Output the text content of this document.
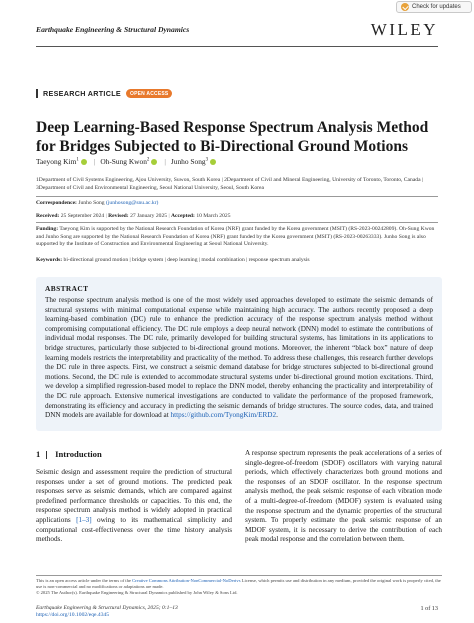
Check for updates
Earthquake Engineering & Structural Dynamics	WILEY
RESEARCH ARTICLE	OPEN ACCESS
Deep Learning-Based Response Spectrum Analysis Method for Bridges Subjected to Bi-Directional Ground Motions
Taeyong Kim$^1$ | Oh-Sung Kwon$^2$ | Junho Song$^3$
1Department of Civil Systems Engineering, Ajou University, Suwon, South Korea | 2Department of Civil and Mineral Engineering, University of Toronto, Toronto, Canada | 3Department of Civil and Environmental Engineering, Seoul National University, Seoul, South Korea
Correspondence: Junho Song (junhosong@snu.ac.kr)
Received: 25 September 2024 | Revised: 27 January 2025 | Accepted: 10 March 2025
Funding: Taeyong Kim is supported by the National Research Foundation of Korea (NRF) grant funded by the Korea government (MSIT) (RS-2023-00242809). Oh-Sung Kwon and Junho Song are supported by the National Research Foundation of Korea (NRF) grant funded by the Korea government (MSIT) (RS-2023-00263333). Junho Song is also supported by the Institute of Construction and Environmental Engineering at Seoul National University.
Keywords: bi-directional ground motion | bridge system | deep learning | modal combination | response spectrum analysis
ABSTRACT
The response spectrum analysis method is one of the most widely used approaches developed to estimate the seismic demands of structural systems with minimal computational expense while maintaining high accuracy. The authors recently proposed a deep learning-based combination (DC) rule to enhance the prediction accuracy of the response spectrum analysis method without compromising computational efficiency. The DC rule employs a deep neural network (DNN) model to estimate the contributions of individual modal responses. The DC rule, primarily developed for building structural systems, has limitations in its applications to bridge structures, particularly those subjected to bi-directional ground motions. Moreover, the inherent “black box” nature of deep learning models restricts the interpretability and practicality of the method. To address these challenges, this research further develops the DC rule in three aspects. First, we construct a seismic demand database for bridge structures subjected to bi-directional ground motions. Second, the DC rule is extended to accommodate structural systems under bi-directional ground motion excitations. Third, we develop a simplified regression-based model to replace the DNN model, thereby enhancing the practicality and interpretability of the DC rule approach. Extensive numerical investigations are conducted to validate the performance of the proposed framework, demonstrating its efficiency and accuracy in predicting the seismic demands of bridge structures. The source codes, data, and trained DNN models are available for download at https://github.com/TyongKim/ERD2.
1 Introduction
Seismic design and assessment require the prediction of structural responses under a set of ground motions. The predicted peak responses serve as seismic demands, which are compared against predefined performance thresholds or capacities. To this end, the response spectrum analysis method is widely adopted in practical applications [1–3] owing to its mathematical simplicity and computational cost-effectiveness over the time history analysis methods.
A response spectrum represents the peak accelerations of a series of single-degree-of-freedom (SDOF) oscillators with varying natural periods, which effectively characterizes both ground motions and the responses of an SDOF oscillator. In the response spectrum analysis method, the peak seismic response of each vibration mode of a multi-degree-of-freedom (MDOF) system is evaluated using the response spectrum and the dynamic properties of the structural system. To properly estimate the peak seismic response of an MDOF system, it is necessary to derive the contribution of each peak modal response and the correlation between them.
This is an open access article under the terms of the Creative Commons Attribution-NonCommercial-NoDerivs License, which permits use and distribution in any medium, provided the original work is properly cited, the use is non-commercial and no modifications or adaptations are made.
© 2025 The Author(s). Earthquake Engineering & Structural Dynamics published by John Wiley & Sons Ltd.
Earthquake Engineering & Structural Dynamics, 2025; 0:1–13
https://doi.org/10.1002/eqe.4345
1 of 13
